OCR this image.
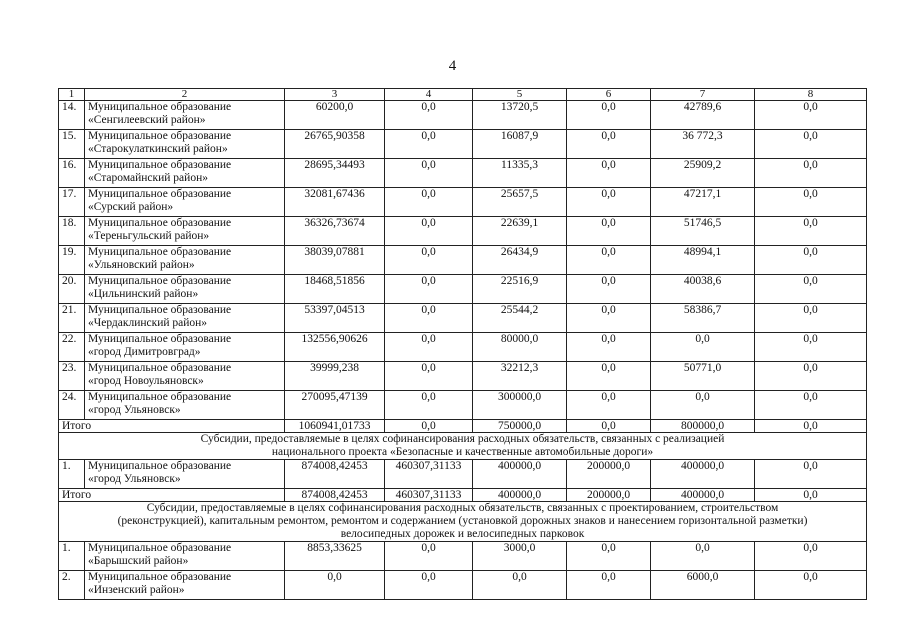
4
1	2	3	4	5	6	7	8
14.	Муниципальное образование
«Сенгилеевский район»	60200,0	0,0	13720,5	0,0	42789,6	0,0
15.	Муниципальное образование
«Старокулаткинский район»	26765,90358	0,0	16087,9	0,0	36 772,3	0,0
16.	Муниципальное образование
«Старомайнский район»	28695,34493	0,0	11335,3	0,0	25909,2	0,0
17.	Муниципальное образование
«Сурский район»	32081,67436	0,0	25657,5	0,0	47217,1	0,0
18.	Муниципальное образование
«Тереньгульский район»	36326,73674	0,0	22639,1	0,0	51746,5	0,0
19.	Муниципальное образование
«Ульяновский район»	38039,07881	0,0	26434,9	0,0	48994,1	0,0
20.	Муниципальное образование
«Цильнинский район»	18468,51856	0,0	22516,9	0,0	40038,6	0,0
21.	Муниципальное образование
«Чердаклинский район»	53397,04513	0,0	25544,2	0,0	58386,7	0,0
22.	Муниципальное образование
«город Димитровград»	132556,90626	0,0	80000,0	0,0	0,0	0,0
23.	Муниципальное образование
«город Новоульяновск»	39999,238	0,0	32212,3	0,0	50771,0	0,0
24.	Муниципальное образование
«город Ульяновск»	270095,47139	0,0	300000,0	0,0	0,0	0,0
Итого		1060941,01733	0,0	750000,0	0,0	800000,0	0,0

Субсидии, предоставляемые в целях софинансирования расходных обязательств, связанных с реализацией
национального проекта «Безопасные и качественные автомобильные дороги»							

1.	Муниципальное образование
«город Ульяновск»	874008,42453	460307,31133	400000,0	200000,0	400000,0	0,0
Итого		874008,42453	460307,31133	400000,0	200000,0	400000,0	0,0

Субсидии, предоставляемые в целях софинансирования расходных обязательств, связанных с проектированием, строительством
(реконструкцией), капитальным ремонтом, ремонтом и содержанием (установкой дорожных знаков и нанесением горизонтальной разметки)
велосипедных дорожек и велосипедных парковок							

1.	Муниципальное образование
«Барышский район»	8853,33625	0,0	3000,0	0,0	0,0	0,0
2.	Муниципальное образование
«Инзенский район»	0,0	0,0	0,0	0,0	6000,0	0,0
